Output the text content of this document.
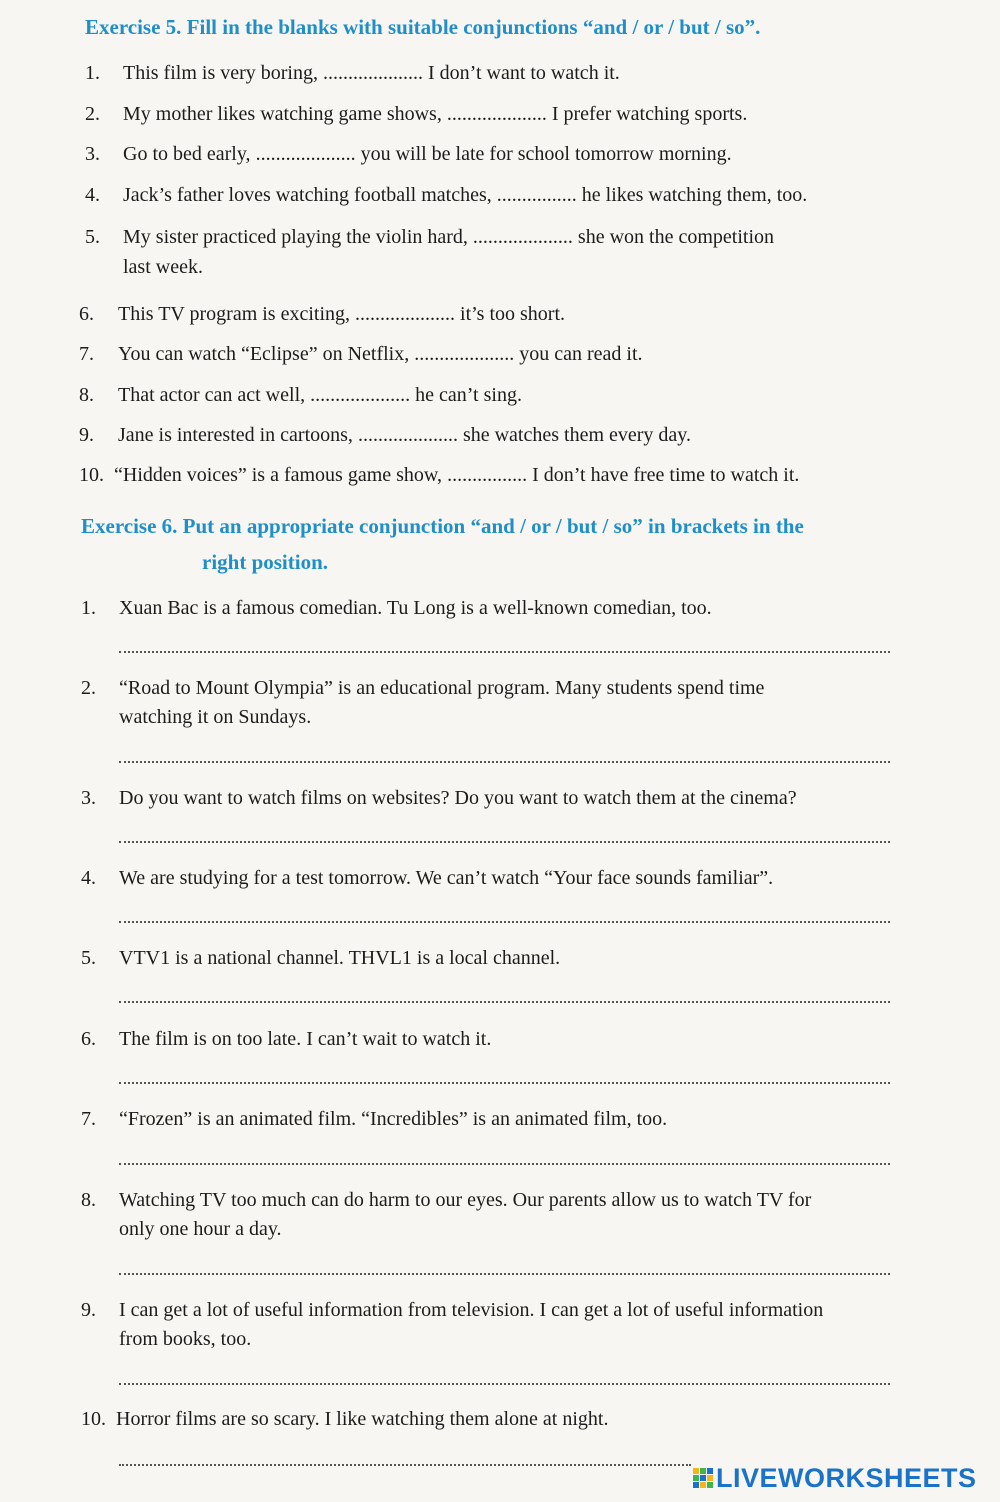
Exercise 5. Fill in the blanks with suitable conjunctions “and / or / but / so”.
1. This film is very boring, .................... I don’t want to watch it.
2. My mother likes watching game shows, .................... I prefer watching sports.
3. Go to bed early, .................... you will be late for school tomorrow morning.
4. Jack’s father loves watching football matches, ................ he likes watching them, too.
5. My sister practiced playing the violin hard, .................... she won the competition
last week.
6. This TV program is exciting, .................... it’s too short.
7. You can watch “Eclipse” on Netflix, .................... you can read it.
8. That actor can act well, .................... he can’t sing.
9. Jane is interested in cartoons, .................... she watches them every day.
10. “Hidden voices” is a famous game show, ................ I don’t have free time to watch it.
Exercise 6. Put an appropriate conjunction “and / or / but / so” in brackets in the
right position.
1. Xuan Bac is a famous comedian. Tu Long is a well-known comedian, too.
2. “Road to Mount Olympia” is an educational program. Many students spend time
watching it on Sundays.
3. Do you want to watch films on websites? Do you want to watch them at the cinema?
4. We are studying for a test tomorrow. We can’t watch “Your face sounds familiar”.
5. VTV1 is a national channel. THVL1 is a local channel.
6. The film is on too late. I can’t wait to watch it.
7. “Frozen” is an animated film. “Incredibles” is an animated film, too.
8. Watching TV too much can do harm to our eyes. Our parents allow us to watch TV for
only one hour a day.
9. I can get a lot of useful information from television. I can get a lot of useful information
from books, too.
10. Horror films are so scary. I like watching them alone at night.
LIVEWORKSHEETS
